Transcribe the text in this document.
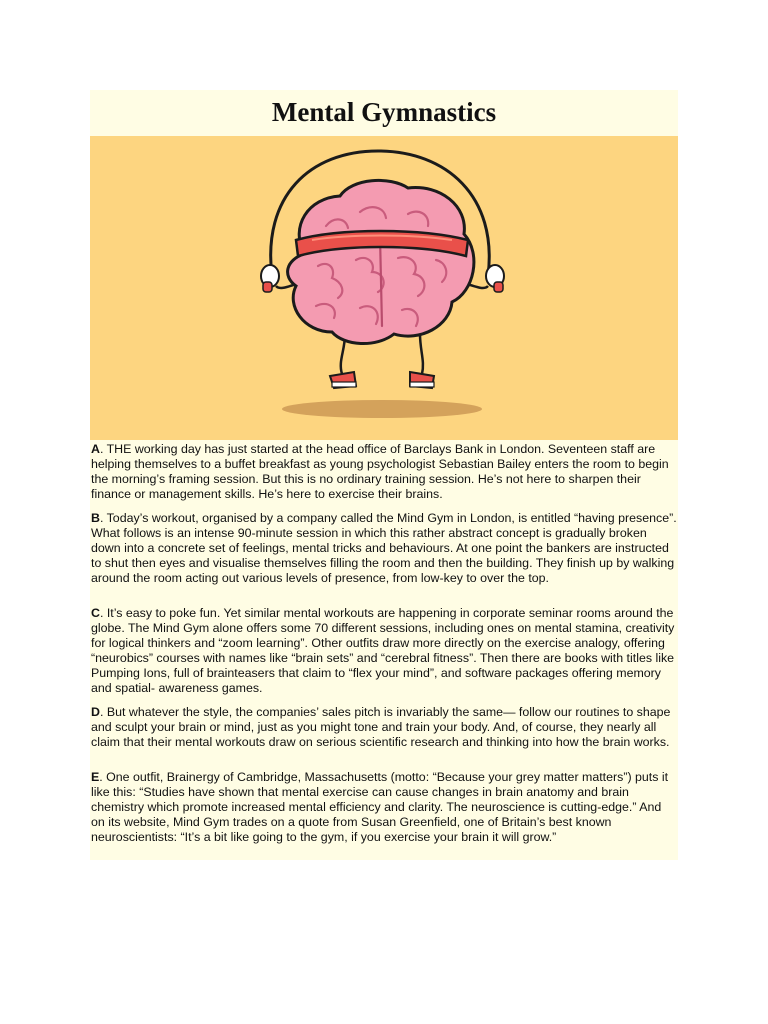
Mental Gymnastics

A. THE working day has just started at the head office of Barclays Bank in London. Seventeen staff are helping themselves to a buffet breakfast as young psychologist Sebastian Bailey enters the room to begin the morning’s framing session. But this is no ordinary training session. He’s not here to sharpen their finance or management skills. He’s here to exercise their brains.

B. Today’s workout, organised by a company called the Mind Gym in London, is entitled “having presence”. What follows is an intense 90-minute session in which this rather abstract concept is gradually broken down into a concrete set of feelings, mental tricks and behaviours. At one point the bankers are instructed to shut then eyes and visualise themselves filling the room and then the building. They finish up by walking around the room acting out various levels of presence, from low-key to over the top.

C. It’s easy to poke fun. Yet similar mental workouts are happening in corporate seminar rooms around the globe. The Mind Gym alone offers some 70 different sessions, including ones on mental stamina, creativity for logical thinkers and “zoom learning”. Other outfits draw more directly on the exercise analogy, offering “neurobics” courses with names like “brain sets” and “cerebral fitness”. Then there are books with titles like Pumping Ions, full of brainteasers that claim to “flex your mind”, and software packages offering memory and spatial- awareness games.

D. But whatever the style, the companies’ sales pitch is invariably the same— follow our routines to shape and sculpt your brain or mind, just as you might tone and train your body. And, of course, they nearly all claim that their mental workouts draw on serious scientific research and thinking into how the brain works.

E. One outfit, Brainergy of Cambridge, Massachusetts (motto: “Because your grey matter matters”) puts it like this: “Studies have shown that mental exercise can cause changes in brain anatomy and brain chemistry which promote increased mental efficiency and clarity. The neuroscience is cutting-edge.” And on its website, Mind Gym trades on a quote from Susan Greenfield, one of Britain’s best known neuroscientists: “It’s a bit like going to the gym, if you exercise your brain it will grow.”
